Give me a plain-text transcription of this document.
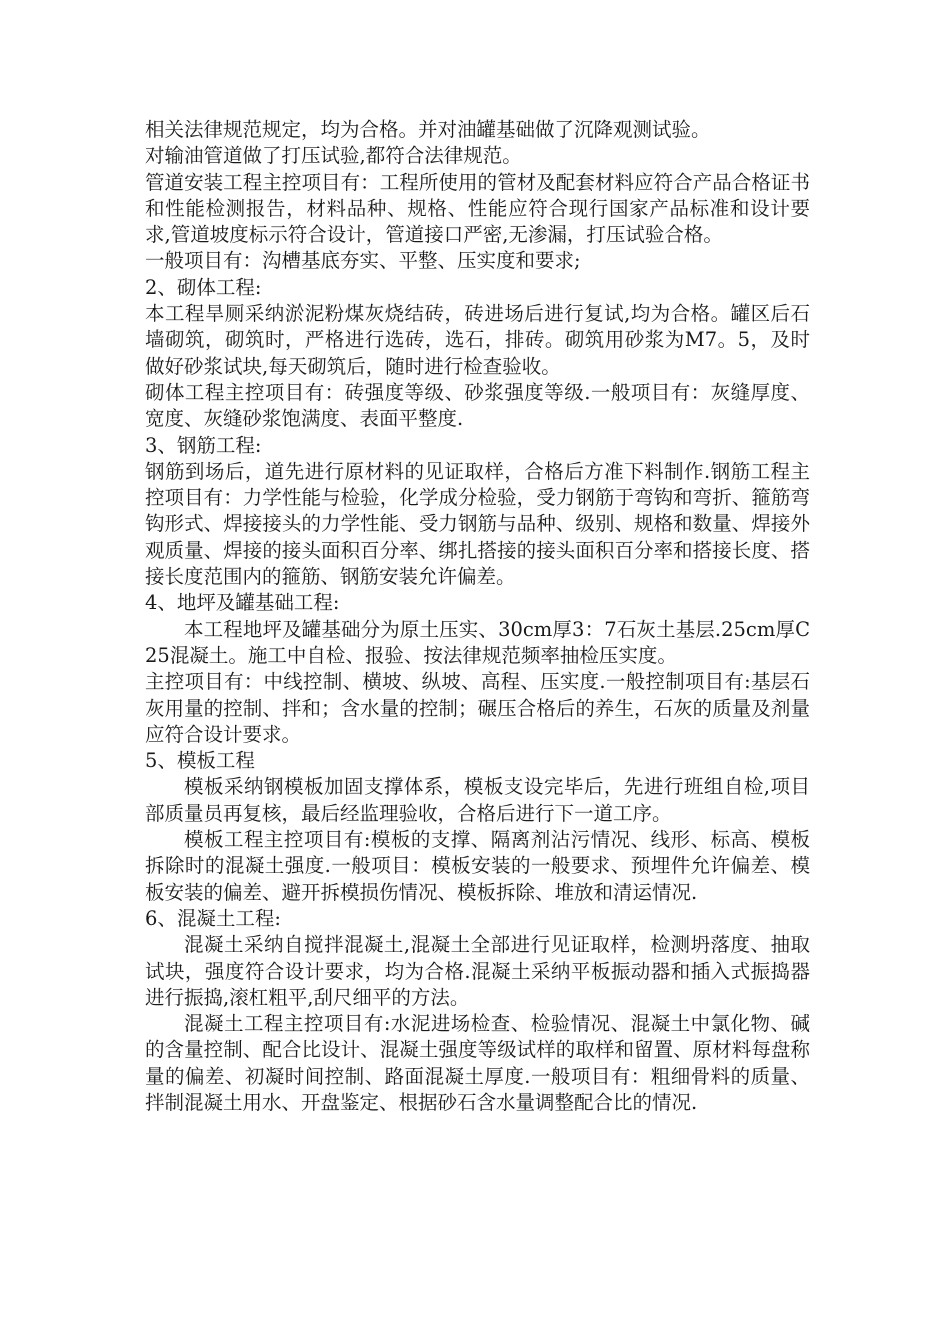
相关法律规范规定，均为合格。并对油罐基础做了沉降观测试验。

对输油管道做了打压试验,都符合法律规范。

管道安装工程主控项目有：工程所使用的管材及配套材料应符合产品合格证书和性能检测报告，材料品种、规格、性能应符合现行国家产品标准和设计要求,管道坡度标示符合设计，管道接口严密,无渗漏，打压试验合格。

一般项目有：沟槽基底夯实、平整、压实度和要求;

2、砌体工程:

本工程旱厕采纳淤泥粉煤灰烧结砖，砖进场后进行复试,均为合格。罐区后石墙砌筑，砌筑时，严格进行选砖，选石，排砖。砌筑用砂浆为M7。5，及时做好砂浆试块,每天砌筑后，随时进行检查验收。

砌体工程主控项目有：砖强度等级、砂浆强度等级.一般项目有：灰缝厚度、宽度、灰缝砂浆饱满度、表面平整度.

3、钢筋工程:

钢筋到场后，道先进行原材料的见证取样，合格后方准下料制作.钢筋工程主控项目有：力学性能与检验，化学成分检验，受力钢筋于弯钩和弯折、箍筋弯钩形式、焊接接头的力学性能、受力钢筋与品种、级别、规格和数量、焊接外观质量、焊接的接头面积百分率、绑扎搭接的接头面积百分率和搭接长度、搭接长度范围内的箍筋、钢筋安装允许偏差。

4、地坪及罐基础工程:

本工程地坪及罐基础分为原土压实、30cm厚3：7石灰土基层.25cm厚C25混凝土。施工中自检、报验、按法律规范频率抽检压实度。

主控项目有：中线控制、横坡、纵坡、高程、压实度.一般控制项目有:基层石灰用量的控制、拌和；含水量的控制；碾压合格后的养生，石灰的质量及剂量应符合设计要求。

5、模板工程

模板采纳钢模板加固支撑体系，模板支设完毕后，先进行班组自检,项目部质量员再复核，最后经监理验收，合格后进行下一道工序。

模板工程主控项目有:模板的支撑、隔离剂沾污情况、线形、标高、模板拆除时的混凝土强度.一般项目：模板安装的一般要求、预埋件允许偏差、模板安装的偏差、避开拆模损伤情况、模板拆除、堆放和清运情况.

6、混凝土工程:

混凝土采纳自搅拌混凝土,混凝土全部进行见证取样，检测坍落度、抽取试块，强度符合设计要求，均为合格.混凝土采纳平板振动器和插入式振捣器进行振捣,滚杠粗平,刮尺细平的方法。

混凝土工程主控项目有:水泥进场检查、检验情况、混凝土中氯化物、碱的含量控制、配合比设计、混凝土强度等级试样的取样和留置、原材料每盘称量的偏差、初凝时间控制、路面混凝土厚度.一般项目有：粗细骨料的质量、拌制混凝土用水、开盘鉴定、根据砂石含水量调整配合比的情况.
